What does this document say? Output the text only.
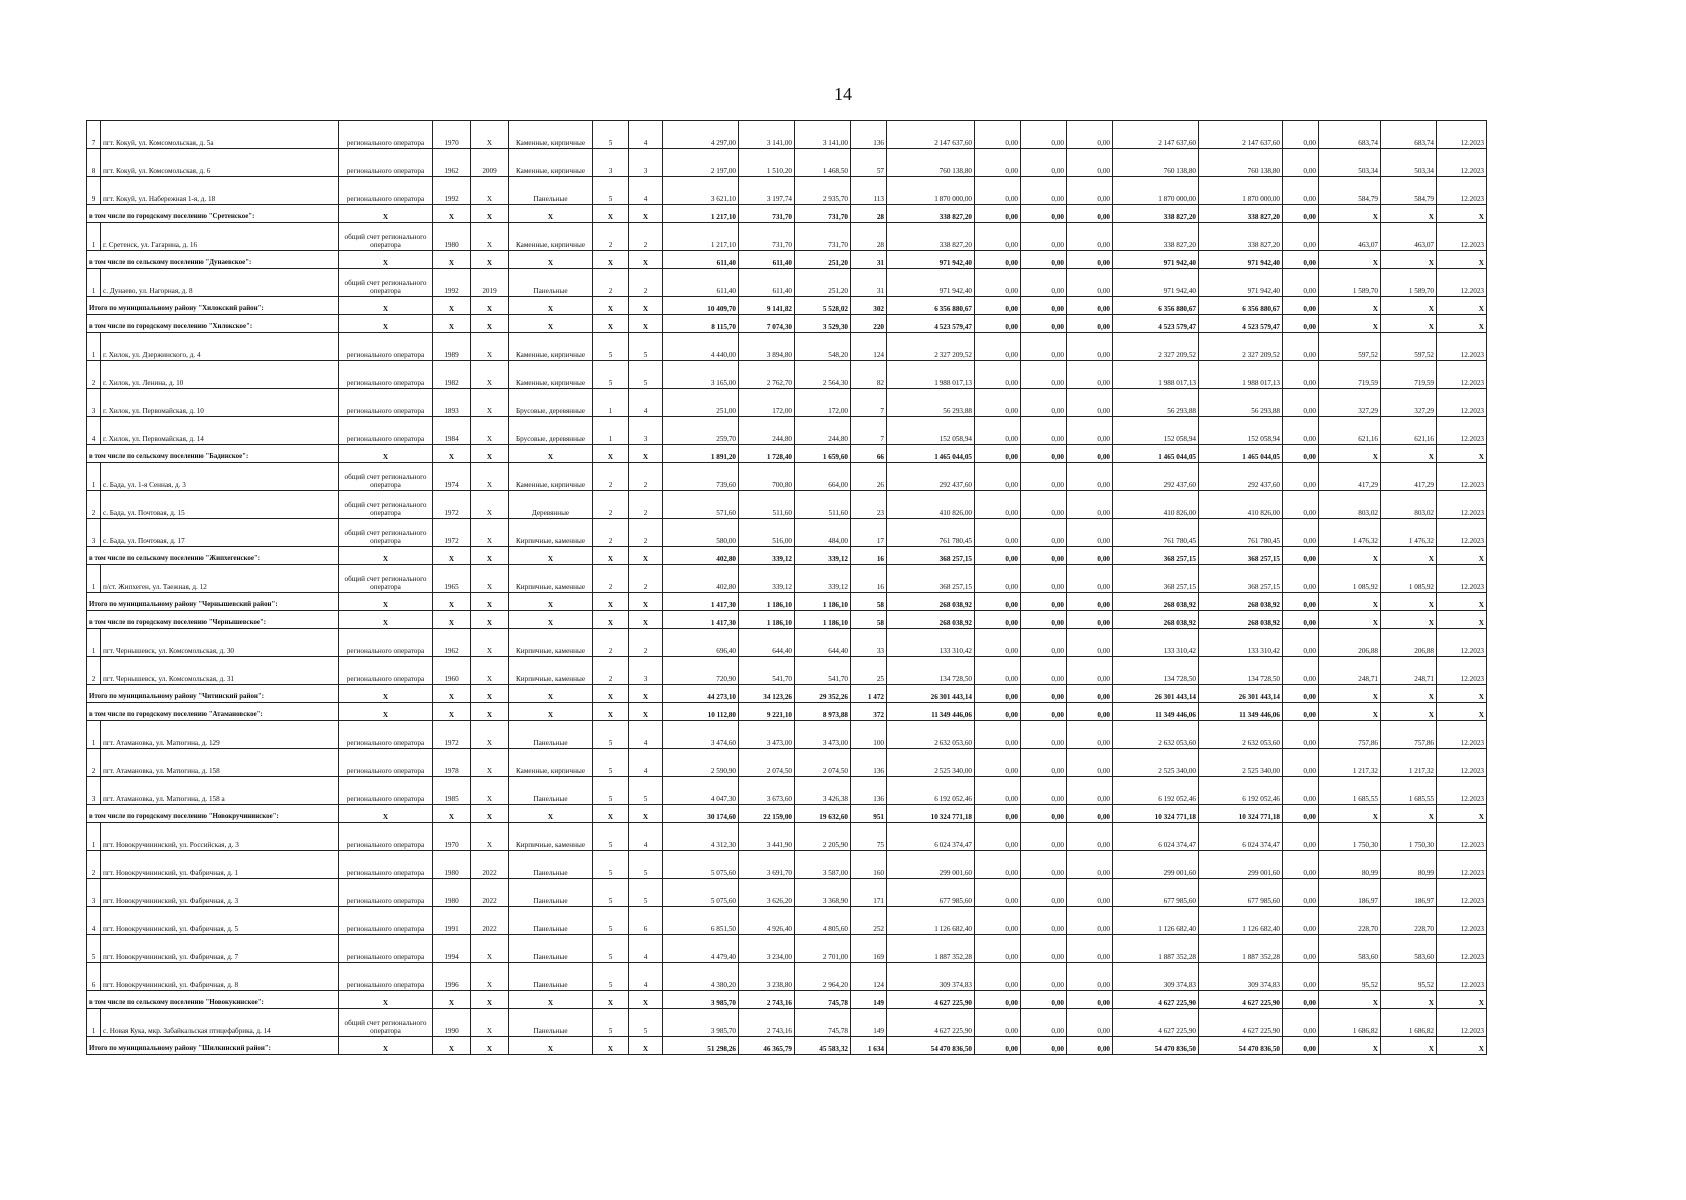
14
7	пгт. Кокуй, ул. Комсомольская, д. 5а	регионального оператора	1970	Х	Каменные, кирпичные	5	4	4 297,00	3 141,00	3 141,00	136	2 147 637,60	0,00	0,00	0,00	2 147 637,60	2 147 637,60	0,00	683,74	683,74	12.2023
8	пгт. Кокуй, ул. Комсомольская, д. 6	регионального оператора	1962	2009	Каменные, кирпичные	3	3	2 197,00	1 510,20	1 468,50	57	760 138,80	0,00	0,00	0,00	760 138,80	760 138,80	0,00	503,34	503,34	12.2023
9	пгт. Кокуй, ул. Набережная 1-я, д. 18	регионального оператора	1992	Х	Панельные	5	4	3 621,10	3 197,74	2 935,70	113	1 870 000,00	0,00	0,00	0,00	1 870 000,00	1 870 000,00	0,00	584,79	584,79	12.2023
в том числе по городскому поселению "Сретенское":		Х	Х	Х	Х	Х	Х	1 217,10	731,70	731,70	28	338 827,20	0,00	0,00	0,00	338 827,20	338 827,20	0,00	Х	Х	Х
1	г. Сретенск, ул. Гагарина, д. 16	общий счет регионального оператора	1980	Х	Каменные, кирпичные	2	2	1 217,10	731,70	731,70	28	338 827,20	0,00	0,00	0,00	338 827,20	338 827,20	0,00	463,07	463,07	12.2023
в том числе по сельскому поселению "Дунаевское":		Х	Х	Х	Х	Х	Х	611,40	611,40	251,20	31	971 942,40	0,00	0,00	0,00	971 942,40	971 942,40	0,00	Х	Х	Х
1	с. Дунаево, ул. Нагорная, д. 8	общий счет регионального оператора	1992	2019	Панельные	2	2	611,40	611,40	251,20	31	971 942,40	0,00	0,00	0,00	971 942,40	971 942,40	0,00	1 589,70	1 589,70	12.2023
Итого по муниципальному району "Хилокский район":		Х	Х	Х	Х	Х	Х	10 409,70	9 141,82	5 528,02	302	6 356 880,67	0,00	0,00	0,00	6 356 880,67	6 356 880,67	0,00	Х	Х	Х
в том числе по городскому поселению "Хилокское":		Х	Х	Х	Х	Х	Х	8 115,70	7 074,30	3 529,30	220	4 523 579,47	0,00	0,00	0,00	4 523 579,47	4 523 579,47	0,00	Х	Х	Х
1	г. Хилок, ул. Дзержинского, д. 4	регионального оператора	1989	Х	Каменные, кирпичные	5	5	4 440,00	3 894,80	548,20	124	2 327 209,52	0,00	0,00	0,00	2 327 209,52	2 327 209,52	0,00	597,52	597,52	12.2023
2	г. Хилок, ул. Ленина, д. 10	регионального оператора	1982	Х	Каменные, кирпичные	5	5	3 165,00	2 762,70	2 564,30	82	1 988 017,13	0,00	0,00	0,00	1 988 017,13	1 988 017,13	0,00	719,59	719,59	12.2023
3	г. Хилок, ул. Первомайская, д. 10	регионального оператора	1893	Х	Брусовые, деревянные	1	4	251,00	172,00	172,00	7	56 293,88	0,00	0,00	0,00	56 293,88	56 293,88	0,00	327,29	327,29	12.2023
4	г. Хилок, ул. Первомайская, д. 14	регионального оператора	1984	Х	Брусовые, деревянные	1	3	259,70	244,80	244,80	7	152 058,94	0,00	0,00	0,00	152 058,94	152 058,94	0,00	621,16	621,16	12.2023
в том числе по сельскому поселению "Бадинское":		Х	Х	Х	Х	Х	Х	1 891,20	1 728,40	1 659,60	66	1 465 044,05	0,00	0,00	0,00	1 465 044,05	1 465 044,05	0,00	Х	Х	Х
1	с. Бада, ул. 1-я Сенная, д. 3	общий счет регионального оператора	1974	Х	Каменные, кирпичные	2	2	739,60	700,80	664,00	26	292 437,60	0,00	0,00	0,00	292 437,60	292 437,60	0,00	417,29	417,29	12.2023
2	с. Бада, ул. Почтовая, д. 15	общий счет регионального оператора	1972	Х	Деревянные	2	2	571,60	511,60	511,60	23	410 826,00	0,00	0,00	0,00	410 826,00	410 826,00	0,00	803,02	803,02	12.2023
3	с. Бада, ул. Почтовая, д. 17	общий счет регионального оператора	1972	Х	Кирпичные, каменные	2	2	580,00	516,00	484,00	17	761 780,45	0,00	0,00	0,00	761 780,45	761 780,45	0,00	1 476,32	1 476,32	12.2023
в том числе по сельскому поселению "Жипхегенское":		Х	Х	Х	Х	Х	Х	402,80	339,12	339,12	16	368 257,15	0,00	0,00	0,00	368 257,15	368 257,15	0,00	Х	Х	Х
1	п/ст. Жипхеген, ул. Таежная, д. 12	общий счет регионального оператора	1965	Х	Кирпичные, каменные	2	2	402,80	339,12	339,12	16	368 257,15	0,00	0,00	0,00	368 257,15	368 257,15	0,00	1 085,92	1 085,92	12.2023
Итого по муниципальному району "Чернышевский район":		Х	Х	Х	Х	Х	Х	1 417,30	1 186,10	1 186,10	58	268 038,92	0,00	0,00	0,00	268 038,92	268 038,92	0,00	Х	Х	Х
в том числе по городскому поселению "Чернышевское":		Х	Х	Х	Х	Х	Х	1 417,30	1 186,10	1 186,10	58	268 038,92	0,00	0,00	0,00	268 038,92	268 038,92	0,00	Х	Х	Х
1	пгт. Чернышевск, ул. Комсомольская, д. 30	регионального оператора	1962	Х	Кирпичные, каменные	2	2	696,40	644,40	644,40	33	133 310,42	0,00	0,00	0,00	133 310,42	133 310,42	0,00	206,88	206,88	12.2023
2	пгт. Чернышевск, ул. Комсомольская, д. 31	регионального оператора	1960	Х	Кирпичные, каменные	2	3	720,90	541,70	541,70	25	134 728,50	0,00	0,00	0,00	134 728,50	134 728,50	0,00	248,71	248,71	12.2023
Итого по муниципальному району "Читинский район":		Х	Х	Х	Х	Х	Х	44 273,10	34 123,26	29 352,26	1 472	26 301 443,14	0,00	0,00	0,00	26 301 443,14	26 301 443,14	0,00	Х	Х	Х
в том числе по городскому поселению "Атамановское":		Х	Х	Х	Х	Х	Х	10 112,80	9 221,10	8 973,88	372	11 349 446,06	0,00	0,00	0,00	11 349 446,06	11 349 446,06	0,00	Х	Х	Х
1	пгт. Атамановка, ул. Матюгина, д. 129	регионального оператора	1972	Х	Панельные	5	4	3 474,60	3 473,00	3 473,00	100	2 632 053,60	0,00	0,00	0,00	2 632 053,60	2 632 053,60	0,00	757,86	757,86	12.2023
2	пгт. Атамановка, ул. Матюгина, д. 158	регионального оператора	1978	Х	Каменные, кирпичные	5	4	2 590,90	2 074,50	2 074,50	136	2 525 340,00	0,00	0,00	0,00	2 525 340,00	2 525 340,00	0,00	1 217,32	1 217,32	12.2023
3	пгт. Атамановка, ул. Матюгина, д. 158 а	регионального оператора	1985	Х	Панельные	5	5	4 047,30	3 673,60	3 426,38	136	6 192 052,46	0,00	0,00	0,00	6 192 052,46	6 192 052,46	0,00	1 685,55	1 685,55	12.2023
в том числе по городскому поселению "Новокручининское":		Х	Х	Х	Х	Х	Х	30 174,60	22 159,00	19 632,60	951	10 324 771,18	0,00	0,00	0,00	10 324 771,18	10 324 771,18	0,00	Х	Х	Х
1	пгт. Новокручининский, ул. Российская, д. 3	регионального оператора	1970	Х	Кирпичные, каменные	5	4	4 312,30	3 441,90	2 205,90	75	6 024 374,47	0,00	0,00	0,00	6 024 374,47	6 024 374,47	0,00	1 750,30	1 750,30	12.2023
2	пгт. Новокручининский, ул. Фабричная, д. 1	регионального оператора	1980	2022	Панельные	5	5	5 075,60	3 691,70	3 587,00	160	299 001,60	0,00	0,00	0,00	299 001,60	299 001,60	0,00	80,99	80,99	12.2023
3	пгт. Новокручининский, ул. Фабричная, д. 3	регионального оператора	1980	2022	Панельные	5	5	5 075,60	3 626,20	3 368,90	171	677 985,60	0,00	0,00	0,00	677 985,60	677 985,60	0,00	186,97	186,97	12.2023
4	пгт. Новокручининский, ул. Фабричная, д. 5	регионального оператора	1991	2022	Панельные	5	6	6 851,50	4 926,40	4 805,60	252	1 126 682,40	0,00	0,00	0,00	1 126 682,40	1 126 682,40	0,00	228,70	228,70	12.2023
5	пгт. Новокручининский, ул. Фабричная, д. 7	регионального оператора	1994	Х	Панельные	5	4	4 479,40	3 234,00	2 701,00	169	1 887 352,28	0,00	0,00	0,00	1 887 352,28	1 887 352,28	0,00	583,60	583,60	12.2023
6	пгт. Новокручининский, ул. Фабричная, д. 8	регионального оператора	1996	Х	Панельные	5	4	4 380,20	3 238,80	2 964,20	124	309 374,83	0,00	0,00	0,00	309 374,83	309 374,83	0,00	95,52	95,52	12.2023
в том числе по сельскому поселению "Новокукинское":		Х	Х	Х	Х	Х	Х	3 985,70	2 743,16	745,78	149	4 627 225,90	0,00	0,00	0,00	4 627 225,90	4 627 225,90	0,00	Х	Х	Х
1	с. Новая Кука, мкр. Забайкальская птицефабрика, д. 14	общий счет регионального оператора	1990	Х	Панельные	5	5	3 985,70	2 743,16	745,78	149	4 627 225,90	0,00	0,00	0,00	4 627 225,90	4 627 225,90	0,00	1 686,82	1 686,82	12.2023
Итого по муниципальному району "Шилкинский район":		Х	Х	Х	Х	Х	Х	51 298,26	46 365,79	45 583,32	1 634	54 470 836,50	0,00	0,00	0,00	54 470 836,50	54 470 836,50	0,00	Х	Х	Х
